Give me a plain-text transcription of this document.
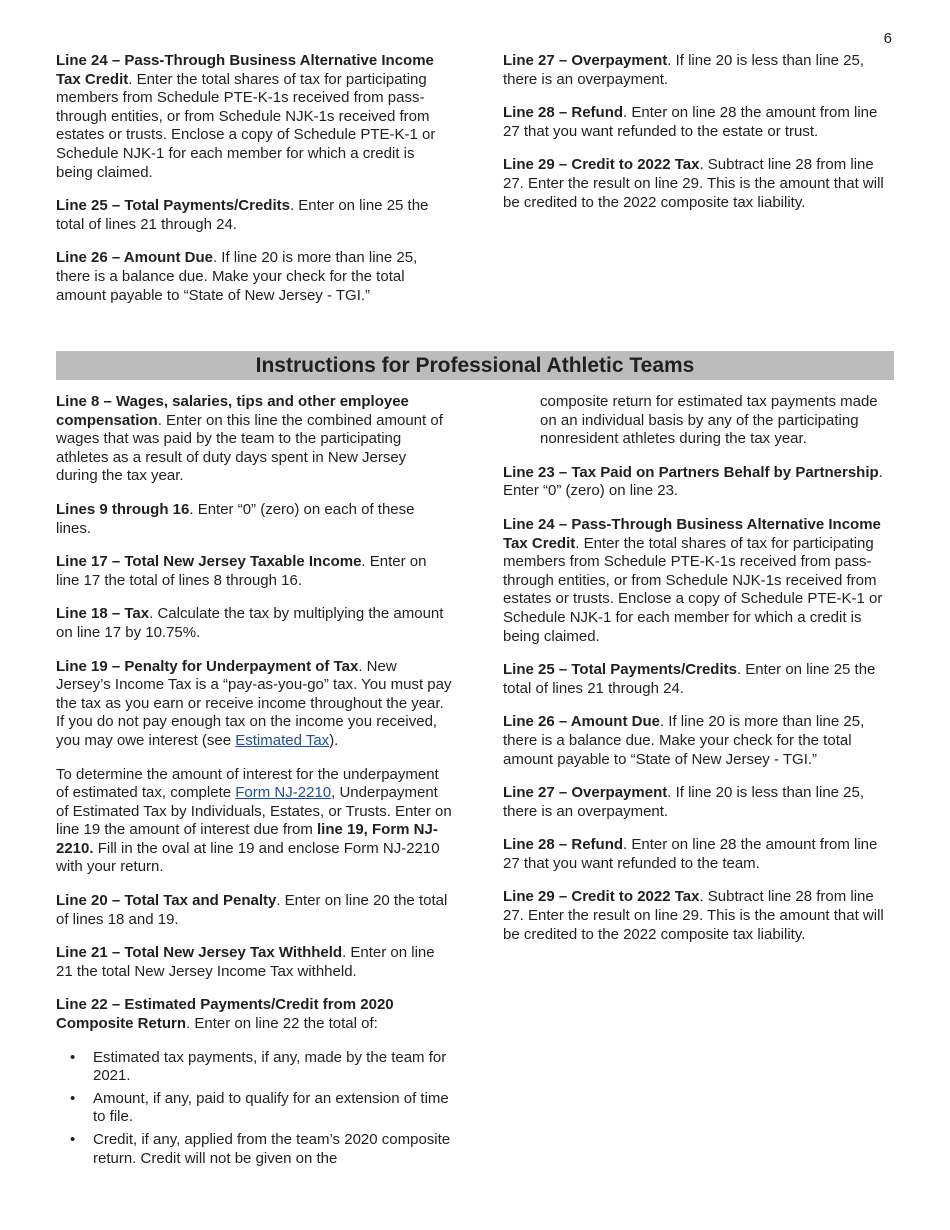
6

Line 24 – Pass-Through Business Alternative Income Tax Credit. Enter the total shares of tax for participating members from Schedule PTE-K-1s received from pass-through entities, or from Schedule NJK-1s received from estates or trusts. Enclose a copy of Schedule PTE-K-1 or Schedule NJK-1 for each member for which a credit is being claimed.

Line 25 – Total Payments/Credits. Enter on line 25 the total of lines 21 through 24.

Line 26 – Amount Due. If line 20 is more than line 25, there is a balance due. Make your check for the total amount payable to “State of New Jersey - TGI.”

Line 27 – Overpayment. If line 20 is less than line 25, there is an overpayment.

Line 28 – Refund. Enter on line 28 the amount from line 27 that you want refunded to the estate or trust.

Line 29 – Credit to 2022 Tax. Subtract line 28 from line 27. Enter the result on line 29. This is the amount that will be credited to the 2022 composite tax liability.

Instructions for Professional Athletic Teams

Line 8 – Wages, salaries, tips and other employee compensation. Enter on this line the combined amount of wages that was paid by the team to the participating athletes as a result of duty days spent in New Jersey during the tax year.

Lines 9 through 16. Enter “0” (zero) on each of these lines.

Line 17 – Total New Jersey Taxable Income. Enter on line 17 the total of lines 8 through 16.

Line 18 – Tax. Calculate the tax by multiplying the amount on line 17 by 10.75%.

Line 19 – Penalty for Underpayment of Tax. New Jersey’s Income Tax is a “pay-as-you-go” tax. You must pay the tax as you earn or receive income throughout the year. If you do not pay enough tax on the income you received, you may owe interest (see Estimated Tax).

To determine the amount of interest for the underpayment of estimated tax, complete Form NJ-2210, Underpayment of Estimated Tax by Individuals, Estates, or Trusts. Enter on line 19 the amount of interest due from line 19, Form NJ-2210. Fill in the oval at line 19 and enclose Form NJ-2210 with your return.

Line 20 – Total Tax and Penalty. Enter on line 20 the total of lines 18 and 19.

Line 21 – Total New Jersey Tax Withheld. Enter on line 21 the total New Jersey Income Tax withheld.

Line 22 – Estimated Payments/Credit from 2020 Composite Return. Enter on line 22 the total of:

• Estimated tax payments, if any, made by the team for 2021.
• Amount, if any, paid to qualify for an extension of time to file.
• Credit, if any, applied from the team’s 2020 composite return. Credit will not be given on the

composite return for estimated tax payments made on an individual basis by any of the participating nonresident athletes during the tax year.

Line 23 – Tax Paid on Partners Behalf by Partnership. Enter “0” (zero) on line 23.

Line 24 – Pass-Through Business Alternative Income Tax Credit. Enter the total shares of tax for participating members from Schedule PTE-K-1s received from pass-through entities, or from Schedule NJK-1s received from estates or trusts. Enclose a copy of Schedule PTE-K-1 or Schedule NJK-1 for each member for which a credit is being claimed.

Line 25 – Total Payments/Credits. Enter on line 25 the total of lines 21 through 24.

Line 26 – Amount Due. If line 20 is more than line 25, there is a balance due. Make your check for the total amount payable to “State of New Jersey - TGI.”

Line 27 – Overpayment. If line 20 is less than line 25, there is an overpayment.

Line 28 – Refund. Enter on line 28 the amount from line 27 that you want refunded to the team.

Line 29 – Credit to 2022 Tax. Subtract line 28 from line 27. Enter the result on line 29. This is the amount that will be credited to the 2022 composite tax liability.
